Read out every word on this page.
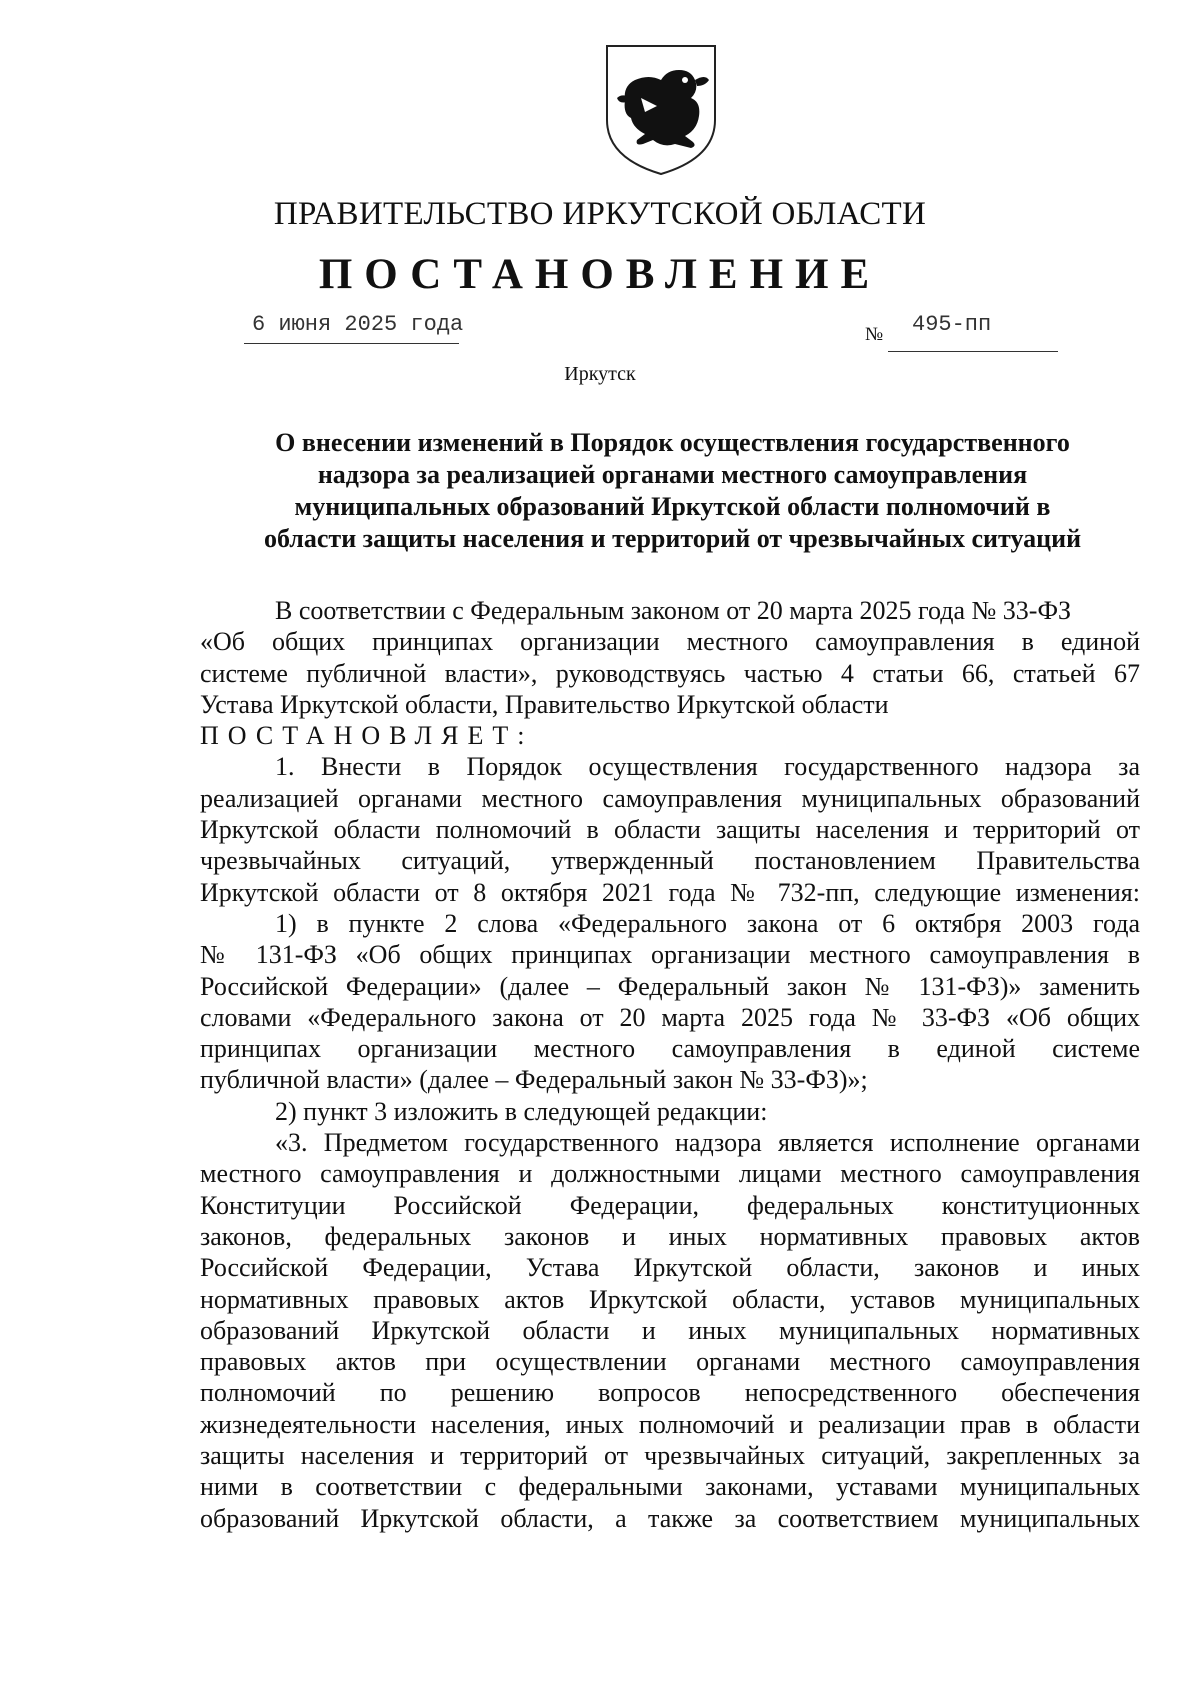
ПРАВИТЕЛЬСТВО ИРКУТСКОЙ ОБЛАСТИ
ПОСТАНОВЛЕНИЕ
6 июня 2025 года	№ 495-пп
Иркутск
О внесении изменений в Порядок осуществления государственного
надзора за реализацией органами местного самоуправления
муниципальных образований Иркутской области полномочий в
области защиты населения и территорий от чрезвычайных ситуаций
В соответствии с Федеральным законом от 20 марта 2025 года № 33-ФЗ
«Об общих принципах организации местного самоуправления в единой
системе публичной власти», руководствуясь частью 4 статьи 66, статьей 67
Устава Иркутской области, Правительство Иркутской области
ПОСТАНОВЛЯЕТ:
1. Внести в Порядок осуществления государственного надзора за
реализацией органами местного самоуправления муниципальных образований
Иркутской области полномочий в области защиты населения и территорий от
чрезвычайных ситуаций, утвержденный постановлением Правительства
Иркутской области от 8 октября 2021 года № 732-пп, следующие изменения:
1) в пункте 2 слова «Федерального закона от 6 октября 2003 года
№ 131-ФЗ «Об общих принципах организации местного самоуправления в
Российской Федерации» (далее – Федеральный закон № 131-ФЗ)» заменить
словами «Федерального закона от 20 марта 2025 года № 33-ФЗ «Об общих
принципах организации местного самоуправления в единой системе
публичной власти» (далее – Федеральный закон № 33-ФЗ)»;
2) пункт 3 изложить в следующей редакции:
«3. Предметом государственного надзора является исполнение органами
местного самоуправления и должностными лицами местного самоуправления
Конституции Российской Федерации, федеральных конституционных
законов, федеральных законов и иных нормативных правовых актов
Российской Федерации, Устава Иркутской области, законов и иных
нормативных правовых актов Иркутской области, уставов муниципальных
образований Иркутской области и иных муниципальных нормативных
правовых актов при осуществлении органами местного самоуправления
полномочий по решению вопросов непосредственного обеспечения
жизнедеятельности населения, иных полномочий и реализации прав в области
защиты населения и территорий от чрезвычайных ситуаций, закрепленных за
ними в соответствии с федеральными законами, уставами муниципальных
образований Иркутской области, а также за соответствием муниципальных
